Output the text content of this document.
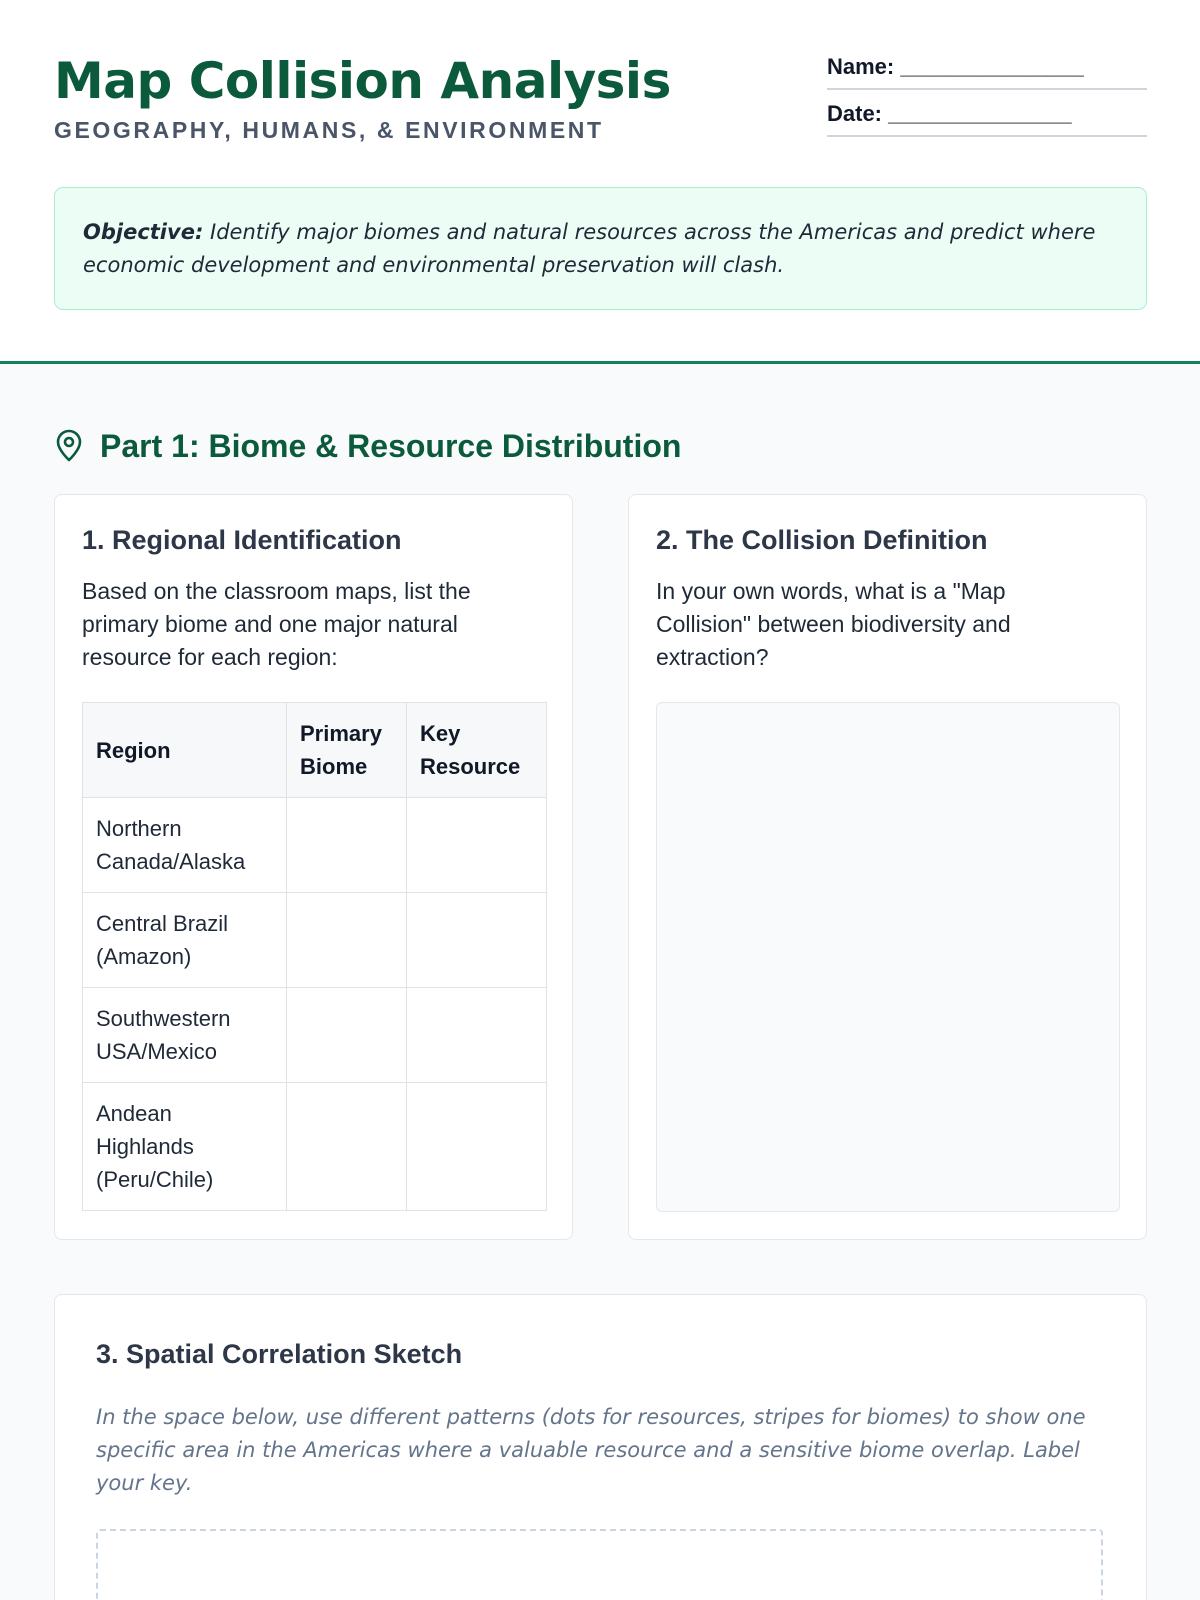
Map Collision Analysis
GEOGRAPHY, HUMANS, & ENVIRONMENT
Name: _______________
Date: _______________
Objective: Identify major biomes and natural resources across the Americas and predict where economic development and environmental preservation will clash.
Part 1: Biome & Resource Distribution
1. Regional Identification
Based on the classroom maps, list the primary biome and one major natural resource for each region:
Region	Primary Biome	Key Resource
Northern Canada/Alaska		
Central Brazil (Amazon)		
Southwestern USA/Mexico		
Andean Highlands (Peru/Chile)		
2. The Collision Definition
In your own words, what is a "Map Collision" between biodiversity and extraction?
3. Spatial Correlation Sketch
In the space below, use different patterns (dots for resources, stripes for biomes) to show one specific area in the Americas where a valuable resource and a sensitive biome overlap. Label your key.
